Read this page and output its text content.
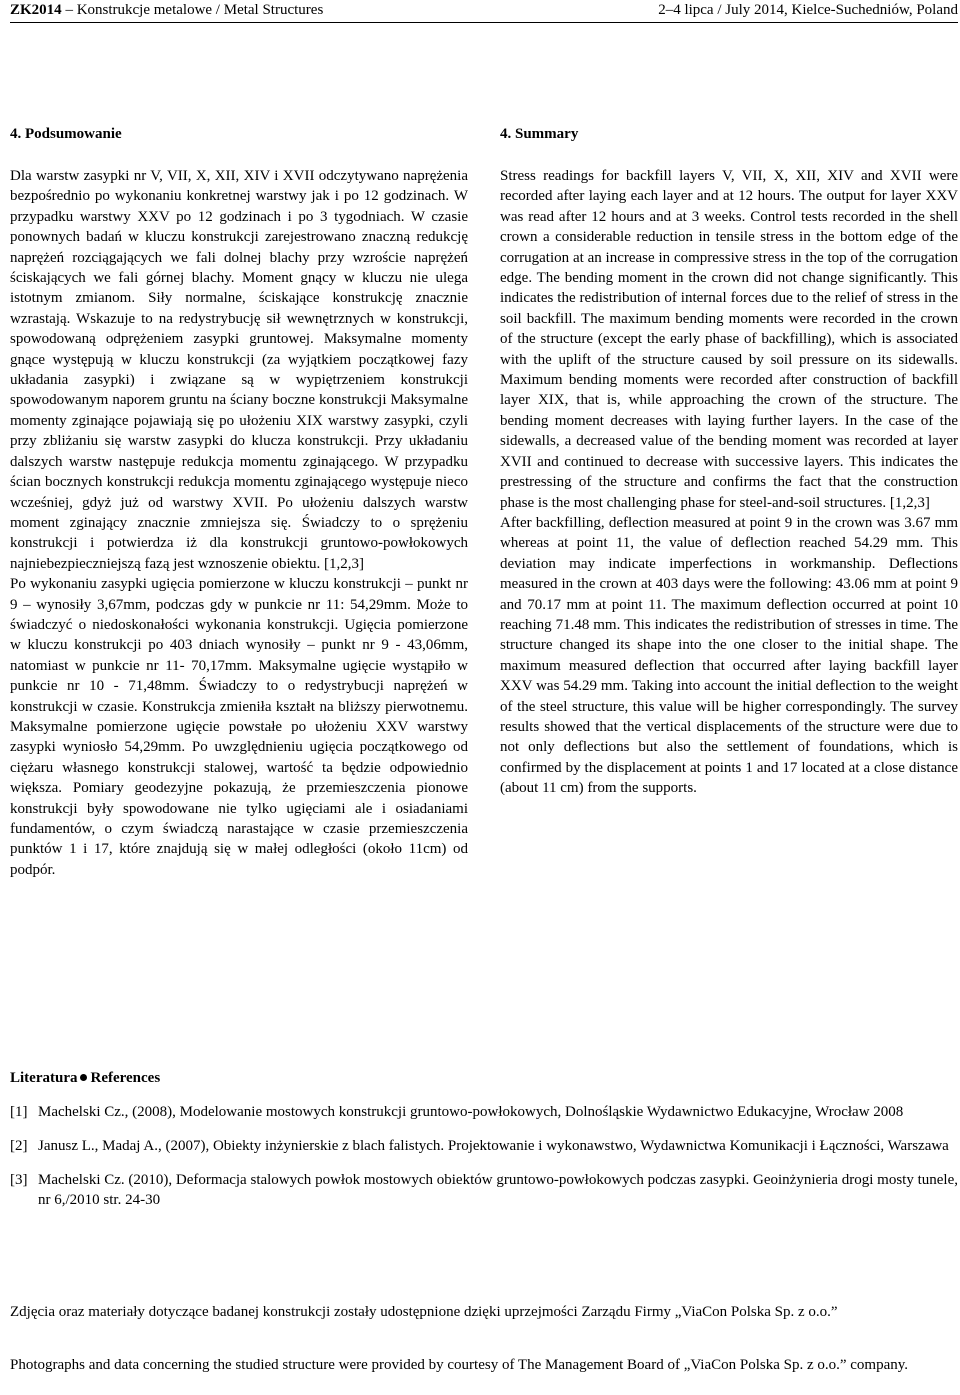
ZK2014 – Konstrukcje metalowe / Metal Structures	2–4 lipca / July 2014, Kielce-Suchedniów, Poland
4. Podsumowanie

Dla warstw zasypki nr V, VII, X, XII, XIV i XVII odczytywano naprężenia bezpośrednio po wykonaniu konkretnej warstwy jak i po 12 godzinach. W przypadku warstwy XXV po 12 godzinach i po 3 tygodniach. W czasie ponownych badań w kluczu konstrukcji zarejestrowano znaczną redukcję naprężeń rozciągających we fali dolnej blachy przy wzroście naprężeń ściskających we fali górnej blachy. Moment gnący w kluczu nie ulega istotnym zmianom. Siły normalne, ściskające konstrukcję znacznie wzrastają. Wskazuje to na redystrybucję sił wewnętrznych w konstrukcji, spowodowaną odprężeniem zasypki gruntowej. Maksymalne momenty gnące występują w kluczu konstrukcji (za wyjątkiem początkowej fazy układania zasypki) i związane są w wypiętrzeniem konstrukcji spowodowanym naporem gruntu na ściany boczne konstrukcji Maksymalne momenty zginające pojawiają się po ułożeniu XIX warstwy zasypki, czyli przy zbliżaniu się warstw zasypki do klucza konstrukcji. Przy układaniu dalszych warstw następuje redukcja momentu zginającego. W przypadku ścian bocznych konstrukcji redukcja momentu zginającego występuje nieco wcześniej, gdyż już od warstwy XVII. Po ułożeniu dalszych warstw moment zginający znacznie zmniejsza się. Świadczy to o sprężeniu konstrukcji i potwierdza iż dla konstrukcji gruntowo-powłokowych najniebezpieczniejszą fazą jest wznoszenie obiektu. [1,2,3]

Po wykonaniu zasypki ugięcia pomierzone w kluczu konstrukcji – punkt nr 9 – wynosiły 3,67mm, podczas gdy w punkcie nr 11: 54,29mm. Może to świadczyć o niedoskonałości wykonania konstrukcji. Ugięcia pomierzone w kluczu konstrukcji po 403 dniach wynosiły – punkt nr 9 - 43,06mm, natomiast w punkcie nr 11- 70,17mm. Maksymalne ugięcie wystąpiło w punkcie nr 10 - 71,48mm. Świadczy to o redystrybucji naprężeń w konstrukcji w czasie. Konstrukcja zmieniła kształt na bliższy pierwotnemu. Maksymalne pomierzone ugięcie powstałe po ułożeniu XXV warstwy zasypki wyniosło 54,29mm. Po uwzględnieniu ugięcia początkowego od ciężaru własnego konstrukcji stalowej, wartość ta będzie odpowiednio większa. Pomiary geodezyjne pokazują, że przemieszczenia pionowe konstrukcji były spowodowane nie tylko ugięciami ale i osiadaniami fundamentów, o czym świadczą narastające w czasie przemieszczenia punktów 1 i 17, które znajdują się w małej odległości (około 11cm) od podpór.

4. Summary

Stress readings for backfill layers V, VII, X, XII, XIV and XVII were recorded after laying each layer and at 12 hours. The output for layer XXV was read after 12 hours and at 3 weeks. Control tests recorded in the shell crown a considerable reduction in tensile stress in the bottom edge of the corrugation at an increase in compressive stress in the top of the corrugation edge. The bending moment in the crown did not change significantly. This indicates the redistribution of internal forces due to the relief of stress in the soil backfill. The maximum bending moments were recorded in the crown of the structure (except the early phase of backfilling), which is associated with the uplift of the structure caused by soil pressure on its sidewalls. Maximum bending moments were recorded after construction of backfill layer XIX, that is, while approaching the crown of the structure. The bending moment decreases with laying further layers. In the case of the sidewalls, a decreased value of the bending moment was recorded at layer XVII and continued to decrease with successive layers. This indicates the prestressing of the structure and confirms the fact that the construction phase is the most challenging phase for steel-and-soil structures. [1,2,3]

After backfilling, deflection measured at point 9 in the crown was 3.67 mm whereas at point 11, the value of deflection reached 54.29 mm. This deviation may indicate imperfections in workmanship. Deflections measured in the crown at 403 days were the following: 43.06 mm at point 9 and 70.17 mm at point 11. The maximum deflection occurred at point 10 reaching 71.48 mm. This indicates the redistribution of stresses in time. The structure changed its shape into the one closer to the initial shape. The maximum measured deflection that occurred after laying backfill layer XXV was 54.29 mm. Taking into account the initial deflection to the weight of the steel structure, this value will be higher correspondingly. The survey results showed that the vertical displacements of the structure were due to not only deflections but also the settlement of foundations, which is confirmed by the displacement at points 1 and 17 located at a close distance (about 11 cm) from the supports.

Literatura References
[1] Machelski Cz., (2008), Modelowanie mostowych konstrukcji gruntowo-powłokowych, Dolnośląskie Wydawnictwo Edukacyjne, Wrocław 2008
[2] Janusz L., Madaj A., (2007), Obiekty inżynierskie z blach falistych. Projektowanie i wykonawstwo, Wydawnictwa Komunikacji i Łączności, Warszawa
[3] Machelski Cz. (2010), Deformacja stalowych powłok mostowych obiektów gruntowo-powłokowych podczas zasypki. Geoinżynieria drogi mosty tunele, nr 6,/2010 str. 24-30
Zdjęcia oraz materiały dotyczące badanej konstrukcji zostały udostępnione dzięki uprzejmości Zarządu Firmy „ViaCon Polska Sp. z o.o.”
Photographs and data concerning the studied structure were provided by courtesy of The Management Board of „ViaCon Polska Sp. z o.o.” company.
